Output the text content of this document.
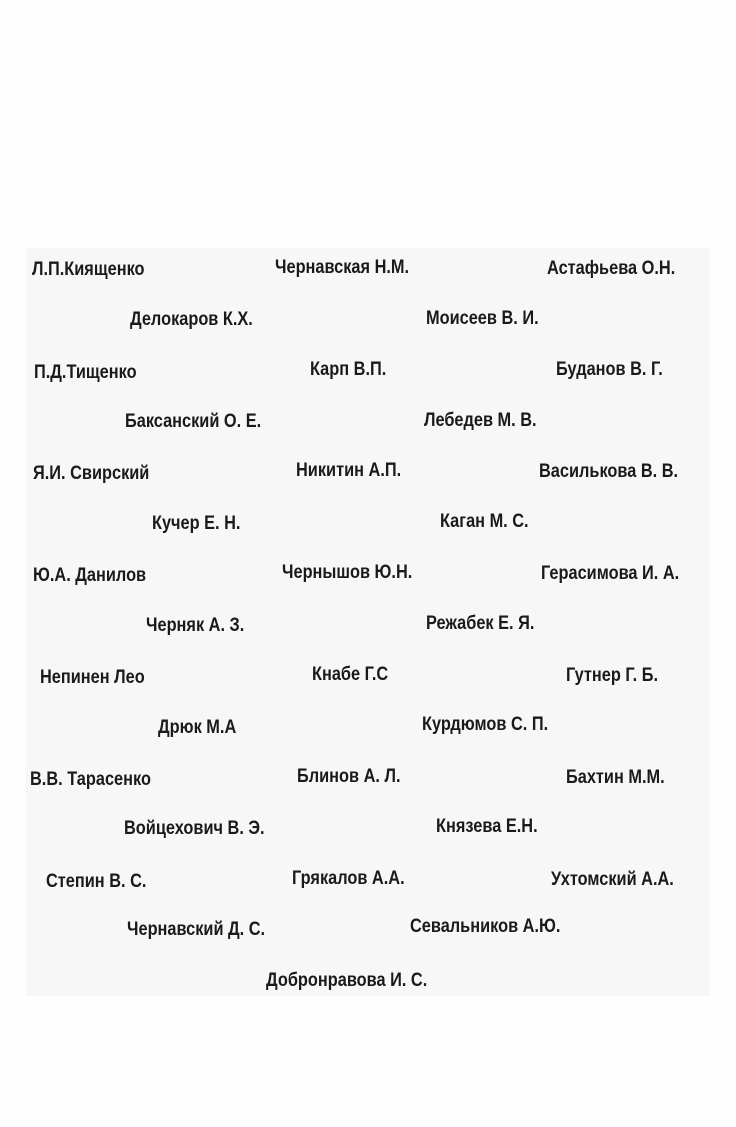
Л.П.Киященко	Чернавская Н.М.	Астафьева О.Н.
Делокаров К.Х.	Моисеев В. И.
П.Д.Тищенко	Карп В.П.	Буданов В. Г.
Баксанский О. Е.	Лебедев М. В.
Я.И. Свирский	Никитин А.П.	Василькова В. В.
Кучер Е. Н.	Каган М. С.
Ю.А. Данилов	Чернышов Ю.Н.	Герасимова И. А.
Черняк А. З.	Режабек Е. Я.
Непинен Лео	Кнабе Г.С	Гутнер Г. Б.
Дрюк М.А	Курдюмов С. П.
В.В. Тарасенко	Блинов А. Л.	Бахтин М.М.
Войцехович В. Э.	Князева Е.Н.
Степин В. С.	Грякалов А.А.	Ухтомский А.А.
Чернавский Д. С.	Севальников А.Ю.
Добронравова И. С.
